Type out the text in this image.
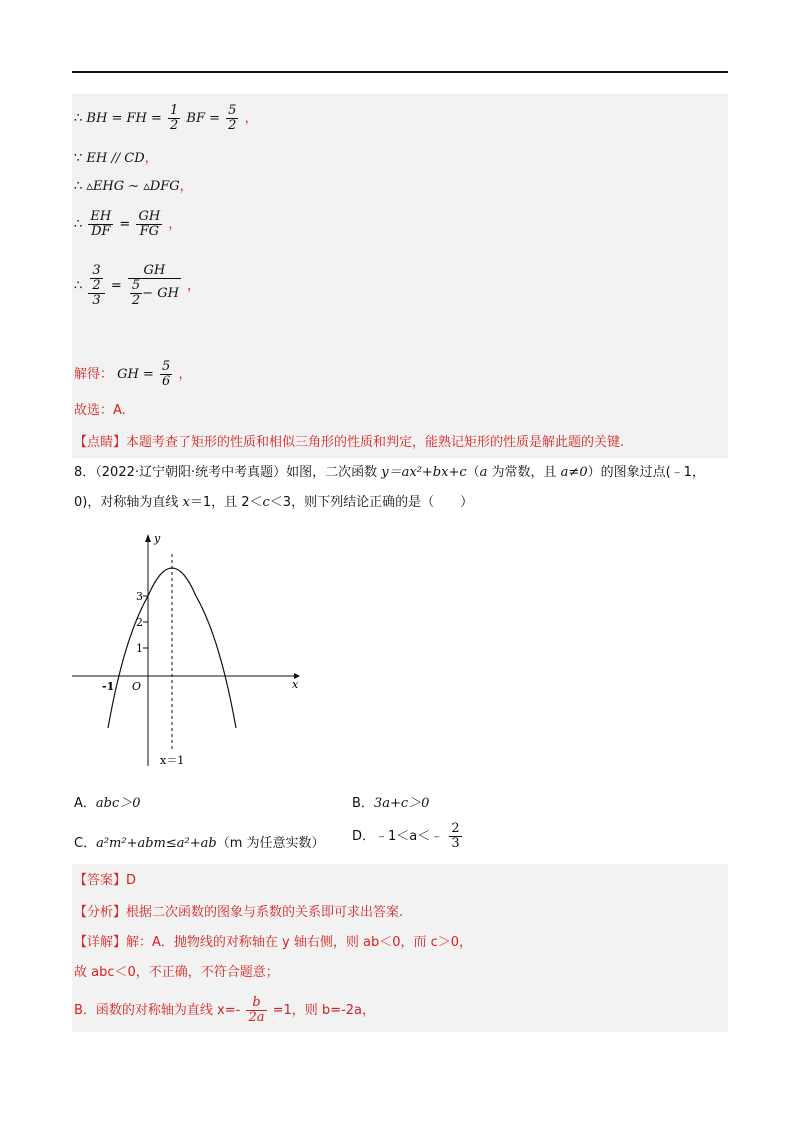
∴ BH = FH = $\frac{1}{2}$ BF = $\frac{5}{2}$ ，
∵ EH // CD，
∴ ▵EHG ∼ ▵DFG，
∴ $\frac{EH}{DF} = \frac{GH}{FG}$ ，
∴ $\frac{\frac{3}{2}}{3} = \frac{GH}{\frac{5}{2} - GH}$ ，
解得： GH = $\frac{5}{6}$ ，
故选：A.
【点睛】本题考查了矩形的性质和相似三角形的性质和判定，能熟记矩形的性质是解此题的关键.
8．（2022·辽宁朝阳·统考中考真题）如图，二次函数 y＝ax²+bx+c（a 为常数，且 a≠0）的图象过点(﹣1，
0)，对称轴为直线 x＝1，且 2＜c＜3，则下列结论正确的是（　　）
y
x
O
-1
1
2
3
x＝1
A．abc＞0	B．3a+c＞0
C．a²m²+abm≤a²+ab（m 为任意实数） D．﹣1＜a＜﹣ $\frac{2}{3}$
【答案】D
【分析】根据二次函数的图象与系数的关系即可求出答案.
【详解】解：A．抛物线的对称轴在 y 轴右侧，则 ab＜0，而 c＞0，
故 abc＜0，不正确，不符合题意；
B．函数的对称轴为直线 $x=- \frac{b}{2a} =1$，则 b=-2a，
